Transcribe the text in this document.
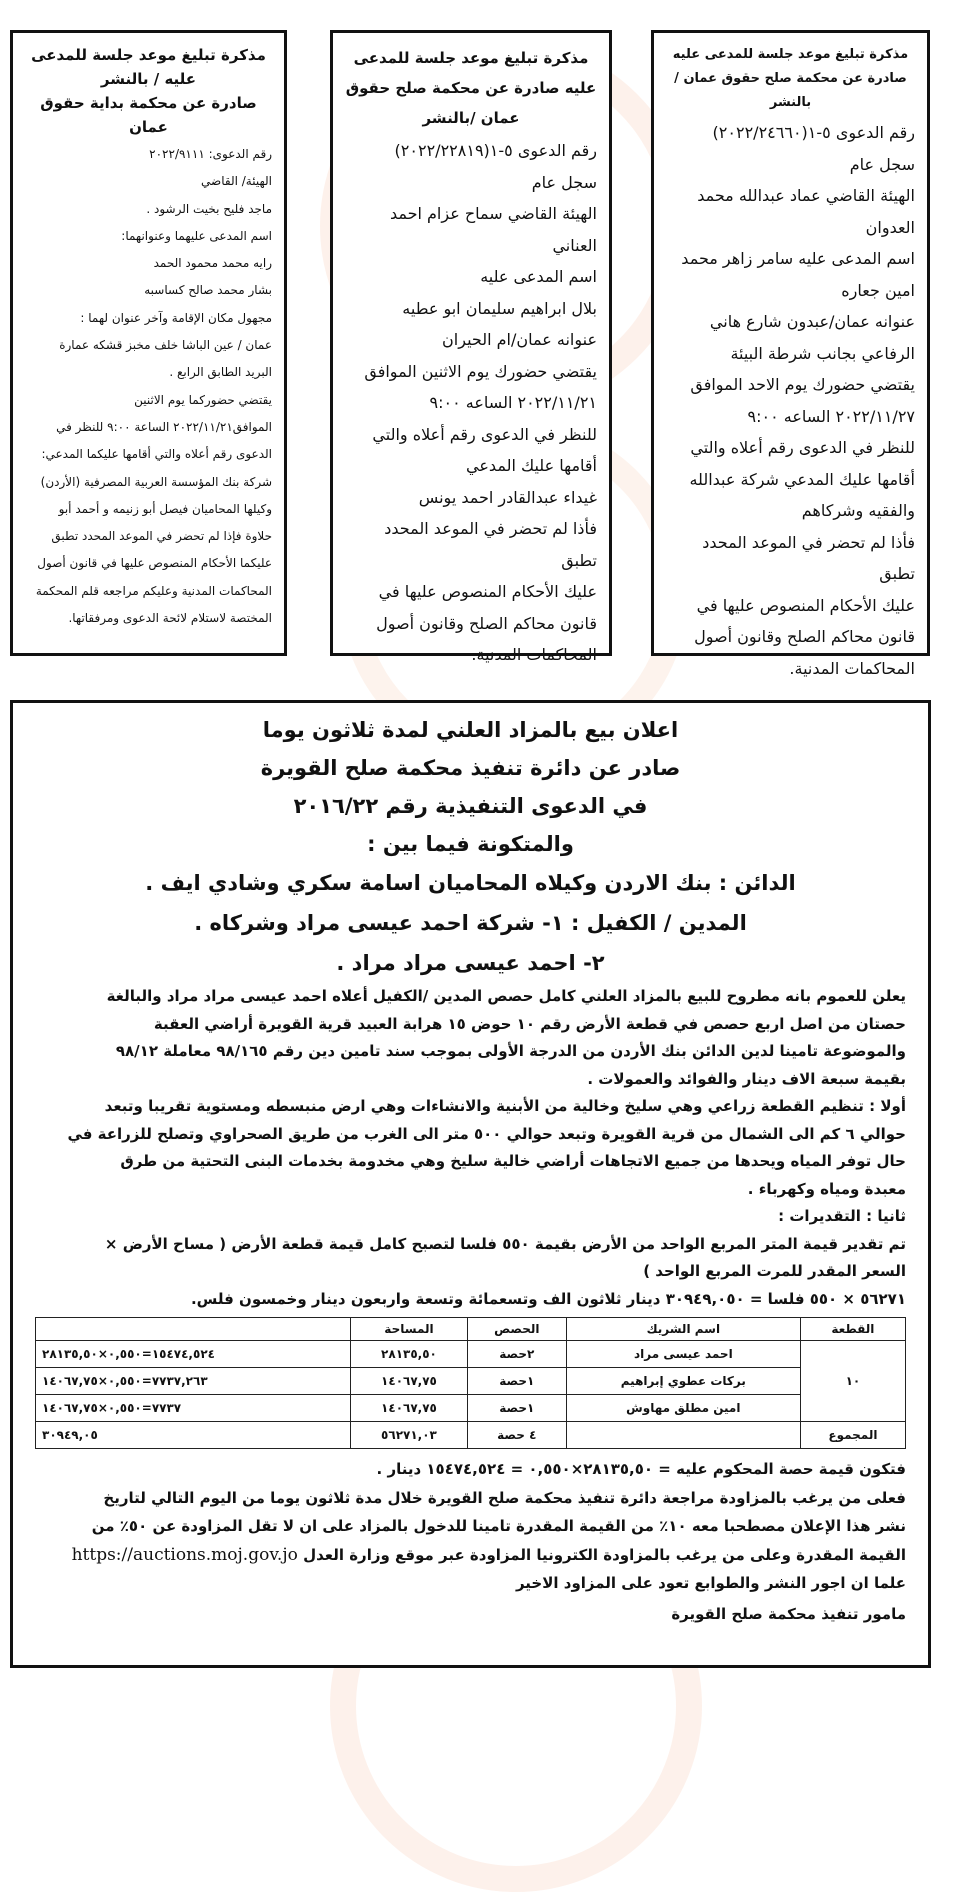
مذكرة تبليغ موعد جلسة للمدعى عليه
صادرة عن محكمة صلح حقوق عمان /بالنشر
رقم الدعوى ٥-١(٢٠٢٢/٢٤٦٦٠)
سجل عام
الهيئة القاضي عماد عبدالله محمد
العدوان
اسم المدعى عليه سامر زاهر محمد
امين جعاره
عنوانه عمان/عبدون شارع هاني
الرفاعي بجانب شرطة البيئة
يقتضي حضورك يوم الاحد الموافق
٢٠٢٢/١١/٢٧ الساعه ٩:٠٠
للنظر في الدعوى رقم أعلاه والتي
أقامها عليك المدعي شركة عبدالله
والفقيه وشركاهم
فأذا لم تحضر في الموعد المحدد تطبق
عليك الأحكام المنصوص عليها في
قانون محاكم الصلح وقانون أصول
المحاكمات المدنية.
مذكرة تبليغ موعد جلسة للمدعى
عليه صادرة عن محكمة صلح حقوق
عمان /بالنشر
رقم الدعوى ٥-١(٢٠٢٢/٢٢٨١٩)
سجل عام
الهيئة القاضي سماح عزام احمد
العناني
اسم المدعى عليه
بلال ابراهيم سليمان ابو عطيه
عنوانه عمان/ام الحيران
يقتضي حضورك يوم الاثنين الموافق
٢٠٢٢/١١/٢١ الساعه ٩:٠٠
للنظر في الدعوى رقم أعلاه والتي
أقامها عليك المدعي
غيداء عبدالقادر احمد يونس
فأذا لم تحضر في الموعد المحدد تطبق
عليك الأحكام المنصوص عليها في
قانون محاكم الصلح وقانون أصول
المحاكمات المدنية.
مذكرة تبليغ موعد جلسة للمدعى
عليه / بالنشر
صادرة عن محكمة بداية حقوق عمان
رقم الدعوى: ٢٠٢٢/٩١١١
الهيئة/ القاضي
ماجد فليح بخيت الرشود .
اسم المدعى عليهما وعنوانهما:
رايه محمد محمود الحمد
بشار محمد صالح كساسبه
مجهول مكان الإقامة وآخر عنوان لهما :
عمان / عين الباشا خلف مخبز قشكه عمارة
البريد الطابق الرابع .
يقتضي حضوركما يوم الاثنين
الموافق٢٠٢٢/١١/٢١ الساعة ٩:٠٠ للنظر في
الدعوى رقم أعلاه والتي أقامها عليكما المدعي:
شركة بنك المؤسسة العربية المصرفية (الأردن)
وكيلها المحاميان فيصل أبو زنيمه و أحمد أبو
حلاوة فإذا لم تحضر في الموعد المحدد تطبق
عليكما الأحكام المنصوص عليها في قانون أصول
المحاكمات المدنية وعليكم مراجعه قلم المحكمة
المختصة لاستلام لائحة الدعوى ومرفقاتها.
اعلان بيع بالمزاد العلني لمدة ثلاثون يوما
صادر عن دائرة تنفيذ محكمة صلح القويرة
في الدعوى التنفيذية رقم ٢٠١٦/٢٢
والمتكونة فيما بين :
الدائن : بنك الاردن وكيلاه المحاميان اسامة سكري وشادي ايف .
المدين / الكفيل : ١- شركة احمد عيسى مراد وشركاه .
٢- احمد عيسى مراد مراد .
يعلن للعموم بانه مطروح للبيع بالمزاد العلني كامل حصص المدين /الكفيل أعلاه احمد عيسى مراد مراد والبالغة
حصتان من اصل اربع حصص في قطعة الأرض رقم ١٠ حوض ١٥ هرابة العبيد قرية القويرة أراضي العقبة
والموضوعة تامينا لدين الدائن بنك الأردن من الدرجة الأولى بموجب سند تامين دين رقم ٩٨/١٦٥ معاملة ٩٨/١٢
بقيمة سبعة الاف دينار والفوائد والعمولات .
أولا : تنظيم القطعة زراعي وهي سليخ وخالية من الأبنية والانشاءات وهي ارض منبسطه ومستوية تقريبا وتبعد
حوالي ٦ كم الى الشمال من قرية القويرة وتبعد حوالي ٥٠٠ متر الى الغرب من طريق الصحراوي وتصلح للزراعة في
حال توفر المياه ويحدها من جميع الاتجاهات أراضي خالية سليخ وهي مخدومة بخدمات البنى التحتية من طرق
معبدة ومياه وكهرباء .
ثانيا : التقديرات :
تم تقدير قيمة المتر المربع الواحد من الأرض بقيمة ٥٥٠ فلسا لتصبح كامل قيمة قطعة الأرض ( مساح الأرض ×
السعر المقدر للمرت المربع الواحد )
٥٦٢٧١ × ٥٥٠ فلسا = ٣٠٩٤٩,٠٥٠ دينار ثلاثون الف وتسعمائة وتسعة واربعون دينار وخمسون فلس.
القطعة	اسم الشريك	الحصص	المساحة	
١٠	احمد عيسى مراد	٢حصة	٢٨١٣٥,٥٠	١٥٤٧٤,٥٢٤=٠,٥٥٠×٢٨١٣٥,٥٠
	بركات عطوي إبراهيم	١حصة	١٤٠٦٧,٧٥	٧٧٣٧,٢٦٣=٠,٥٥٠×١٤٠٦٧,٧٥
	امين مطلق مهاوش	١حصة	١٤٠٦٧,٧٥	٧٧٣٧=٠,٥٥٠×١٤٠٦٧,٧٥
المجموع		٤ حصة	٥٦٢٧١,٠٣	٣٠٩٤٩,٠٥
فتكون قيمة حصة المحكوم عليه = ٢٨١٣٥,٥٠×٠,٥٥٠ = ١٥٤٧٤,٥٢٤ دينار .
فعلى من يرغب بالمزاودة مراجعة دائرة تنفيذ محكمة صلح القويرة خلال مدة ثلاثون يوما من اليوم التالي لتاريخ
نشر هذا الإعلان مصطحبا معه ١٠٪ من القيمة المقدرة تامينا للدخول بالمزاد على ان لا تقل المزاودة عن ٥٠٪ من
القيمة المقدرة وعلى من يرغب بالمزاودة الكترونيا المزاودة عبر موقع وزارة العدل https://auctions.moj.gov.jo
علما ان اجور النشر والطوابع تعود على المزاود الاخير
مامور تنفيذ محكمة صلح القويرة
